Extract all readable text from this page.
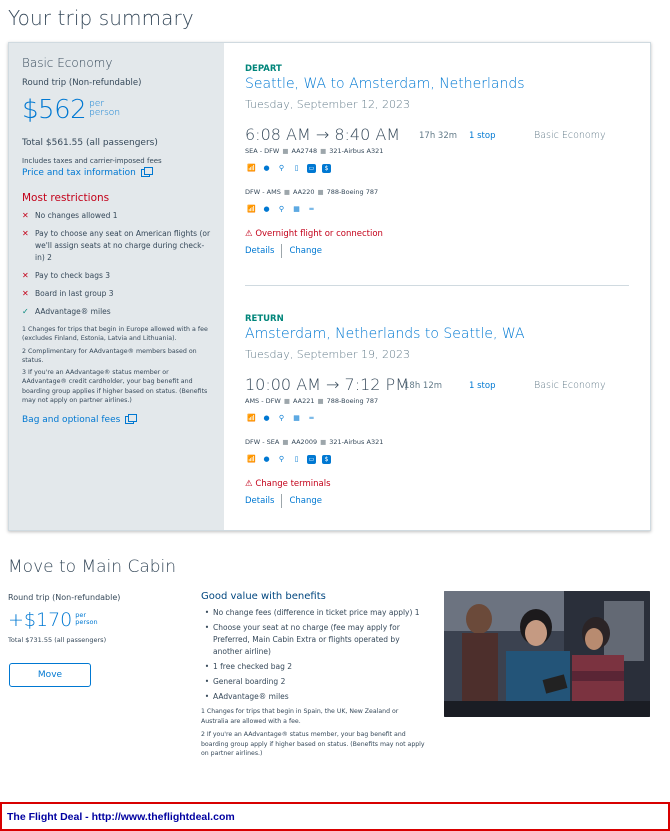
Your trip summary
Basic Economy
Round trip (Non-refundable)
$562 per
person
Total $561.55 (all passengers)
Includes taxes and carrier-imposed fees
Price and tax information
Most restrictions
✕ No changes allowed 1
✕ Pay to choose any seat on American flights (or we'll assign seats at no charge during check-in) 2
✕ Pay to check bags 3
✕ Board in last group 3
✓ AAdvantage® miles

1 Changes for trips that begin in Europe allowed with a fee (excludes Finland, Estonia, Latvia and Lithuania).

2 Complimentary for AAdvantage® members based on status.

3 If you're an AAdvantage® status member or AAdvantage® credit cardholder, your bag benefit and boarding group applies if higher based on status. (Benefits may not apply on partner airlines.)

Bag and optional fees
DEPART
Seattle, WA to Amsterdam, Netherlands
Tuesday, September 12, 2023
6:08 AM → 8:40 AM 17h 32m 1 stop	Basic Economy
SEA - DFW ■ AA2748 ■ 321-Airbus A321
📶 ● ⚲	▯	▭	$
DFW - AMS ■ AA220 ■ 788-Boeing 787
📶 ● ⚲ ▦	═
⚠ Overnight flight or connection
Details Change
RETURN
Amsterdam, Netherlands to Seattle, WA
Tuesday, September 19, 2023
10:00 AM → 7:12 PM
18h 12m	1 stop	Basic Economy
AMS - DFW ■ AA221 ■ 788-Boeing 787
📶 ● ⚲ ▦	═
DFW - SEA ■ AA2009 ■ 321-Airbus A321
📶 ● ⚲	▯	▭	$
⚠ Change terminals
Details Change
Move to Main Cabin
Round trip (Non-refundable)
+$170 per
person
Total $731.55 (all passengers)
Move
Good value with benefits
• No change fees (difference in ticket price may apply) 1
• Choose your seat at no charge (fee may apply for Preferred, Main Cabin Extra or flights operated by another airline)
• 1 free checked bag 2
• General boarding 2
• AAdvantage® miles
1 Changes for trips that begin in Spain, the UK, New Zealand or Australia are allowed with a fee.
2 If you're an AAdvantage® status member, your bag benefit and boarding group apply if higher based on status. (Benefits may not apply on partner airlines.)
The Flight Deal - http://www.theflightdeal.com
